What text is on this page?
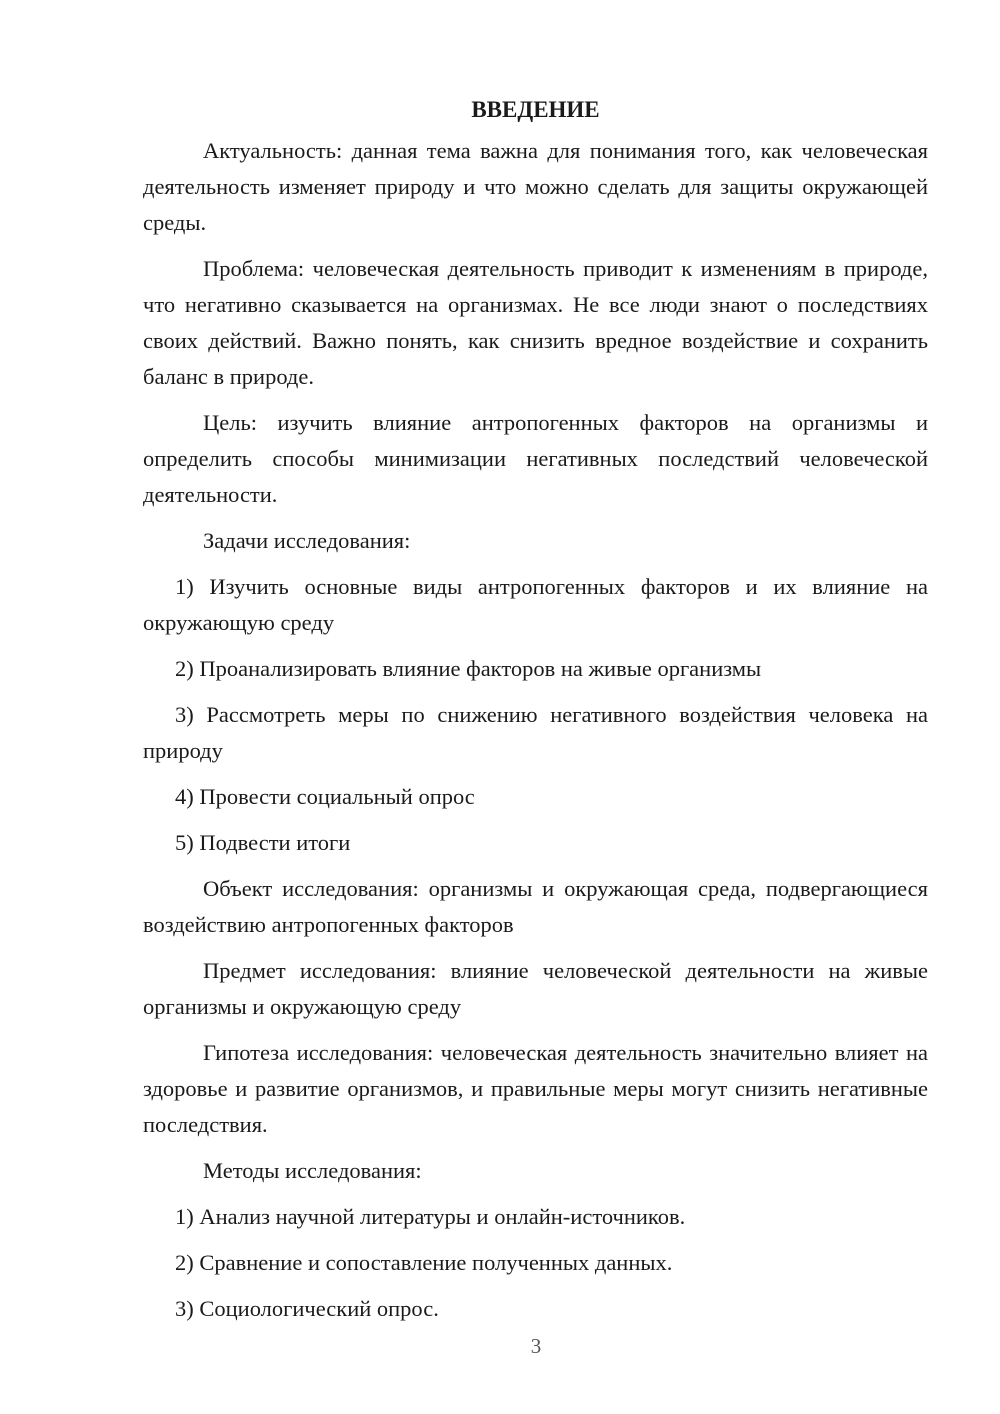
ВВЕДЕНИЕ

Актуальность: данная тема важна для понимания того, как человеческая деятельность изменяет природу и что можно сделать для защиты окружающей среды.

Проблема: человеческая деятельность приводит к изменениям в природе, что негативно сказывается на организмах. Не все люди знают о последствиях своих действий. Важно понять, как снизить вредное воздействие и сохранить баланс в природе.

Цель: изучить влияние антропогенных факторов на организмы и определить способы минимизации негативных последствий человеческой деятельности.

Задачи исследования:

1) Изучить основные виды антропогенных факторов и их влияние на окружающую среду

2) Проанализировать влияние факторов на живые организмы

3) Рассмотреть меры по снижению негативного воздействия человека на природу

4) Провести социальный опрос

5) Подвести итоги

Объект исследования: организмы и окружающая среда, подвергающиеся воздействию антропогенных факторов

Предмет исследования: влияние человеческой деятельности на живые организмы и окружающую среду

Гипотеза исследования: человеческая деятельность значительно влияет на здоровье и развитие организмов, и правильные меры могут снизить негативные последствия.

Методы исследования:

1) Анализ научной литературы и онлайн-источников.

2) Сравнение и сопоставление полученных данных.

3) Социологический опрос.

3
